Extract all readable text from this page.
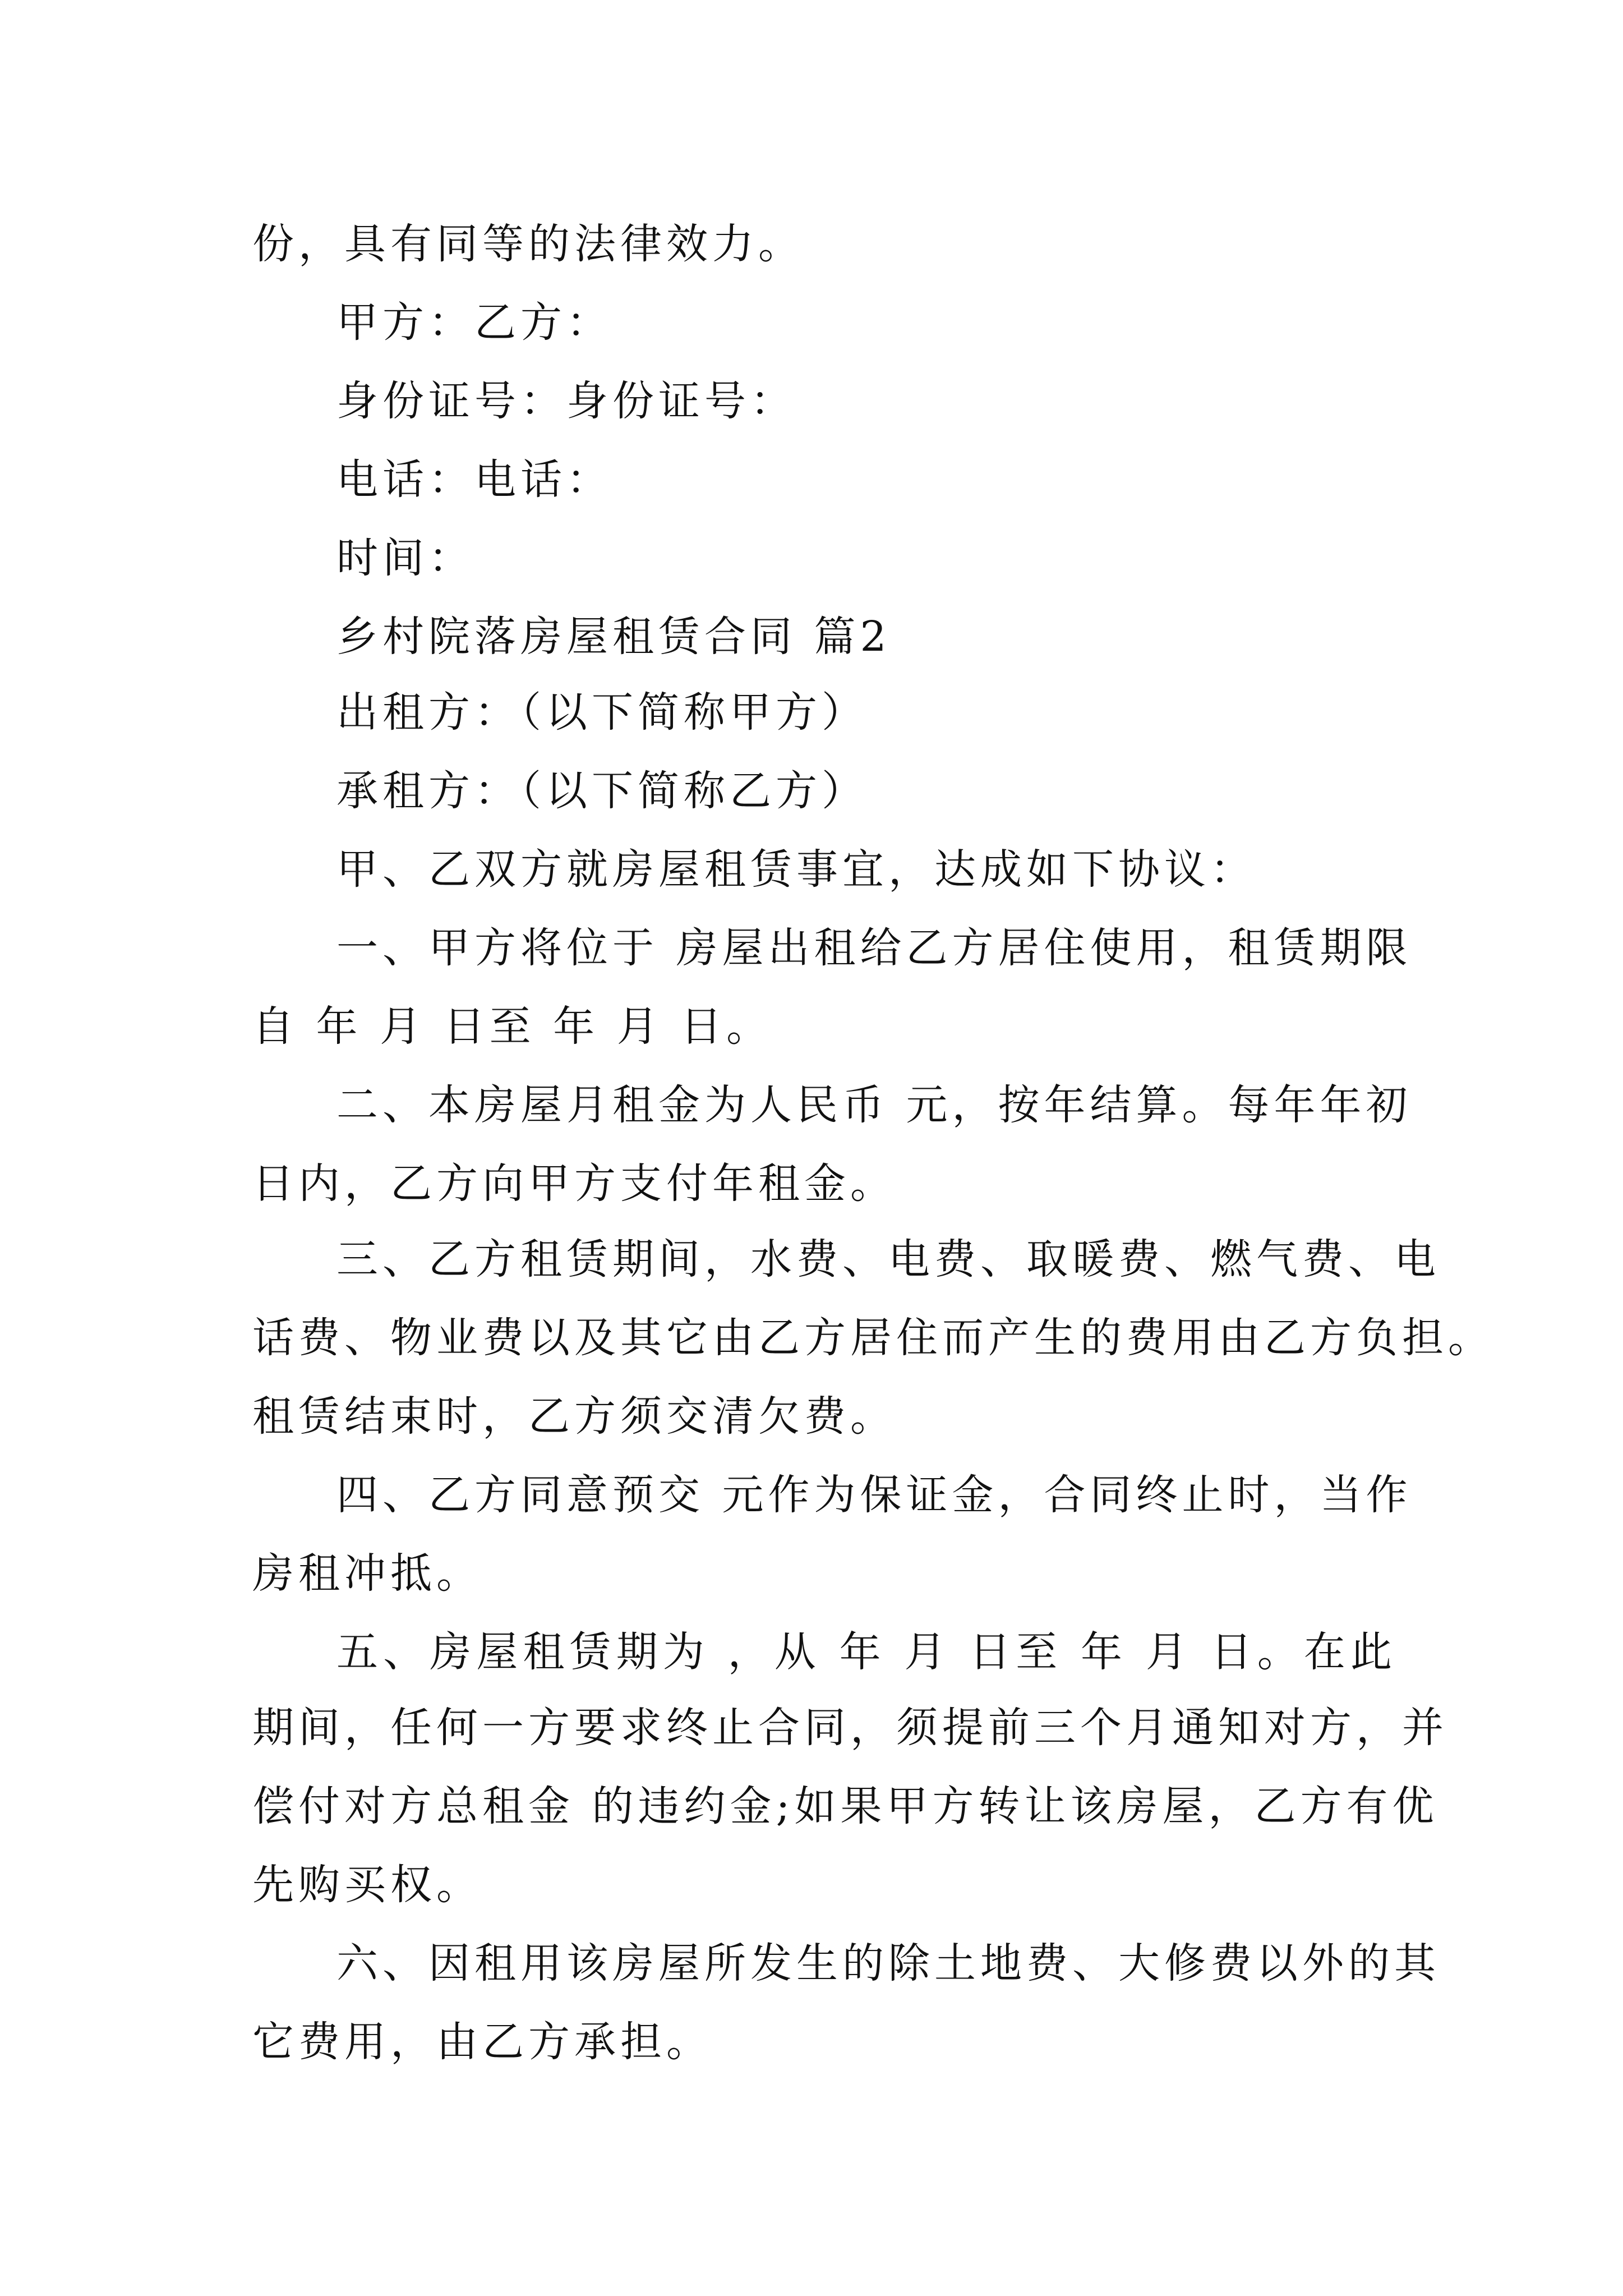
份，具有同等的法律效力。

甲方：乙方：

身份证号：身份证号：

电话：电话：

时间：

乡村院落房屋租赁合同 篇2

出租方：（以下简称甲方）

承租方：（以下简称乙方）

甲、乙双方就房屋租赁事宜，达成如下协议：

一、甲方将位于 房屋出租给乙方居住使用，租赁期限

自 年 月 日至 年 月 日。

二、本房屋月租金为人民币 元，按年结算。每年年初

日内，乙方向甲方支付年租金。

三、乙方租赁期间，水费、电费、取暖费、燃气费、电

话费、物业费以及其它由乙方居住而产生的费用由乙方负担。

租赁结束时，乙方须交清欠费。

四、乙方同意预交 元作为保证金，合同终止时，当作

房租冲抵。

五、房屋租赁期为 ，从 年 月 日至 年 月 日。在此

期间，任何一方要求终止合同，须提前三个月通知对方，并

偿付对方总租金 的违约金;如果甲方转让该房屋，乙方有优

先购买权。

六、因租用该房屋所发生的除土地费、大修费以外的其

它费用，由乙方承担。
